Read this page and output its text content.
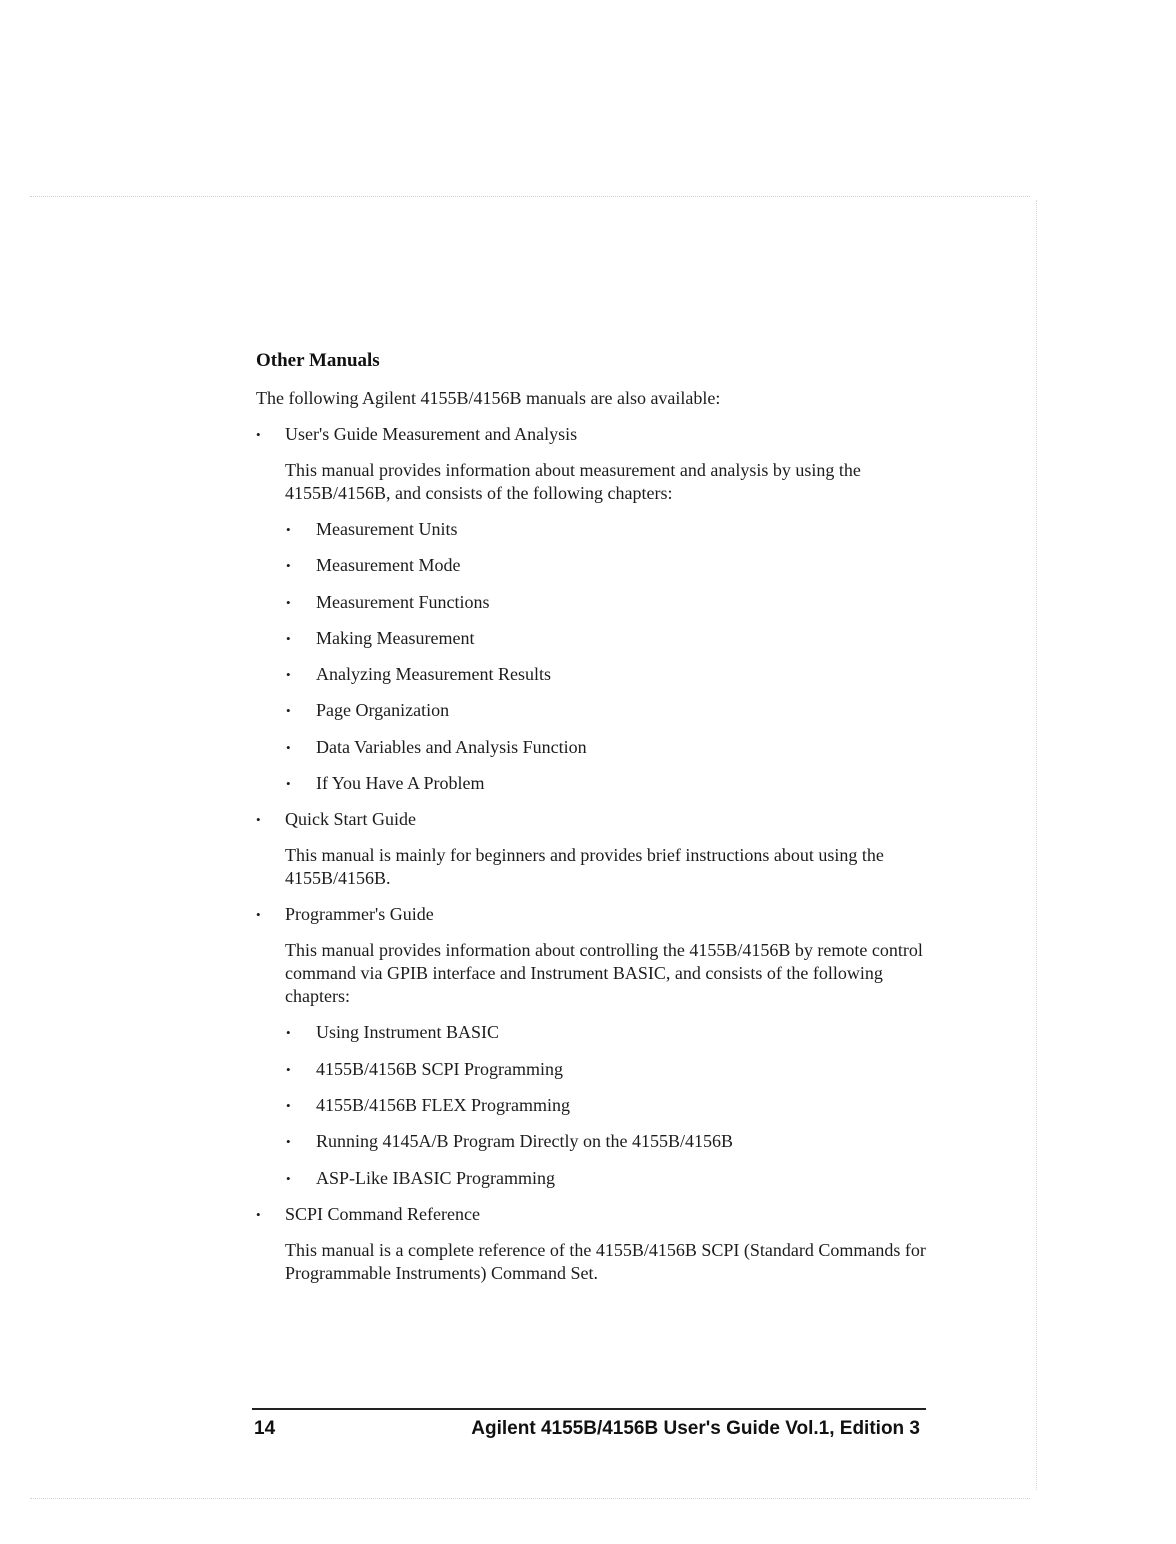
Other Manuals

The following Agilent 4155B/4156B manuals are also available:

• User's Guide Measurement and Analysis

This manual provides information about measurement and analysis by using the 4155B/4156B, and consists of the following chapters:

• Measurement Units
• Measurement Mode
• Measurement Functions
• Making Measurement
• Analyzing Measurement Results
• Page Organization
• Data Variables and Analysis Function
• If You Have A Problem
• Quick Start Guide

This manual is mainly for beginners and provides brief instructions about using the 4155B/4156B.

• Programmer's Guide

This manual provides information about controlling the 4155B/4156B by remote control command via GPIB interface and Instrument BASIC, and consists of the following chapters:

• Using Instrument BASIC
• 4155B/4156B SCPI Programming
• 4155B/4156B FLEX Programming
• Running 4145A/B Program Directly on the 4155B/4156B
• ASP-Like IBASIC Programming
• SCPI Command Reference

This manual is a complete reference of the 4155B/4156B SCPI (Standard Commands for Programmable Instruments) Command Set.

14	Agilent 4155B/4156B User's Guide Vol.1, Edition 3
